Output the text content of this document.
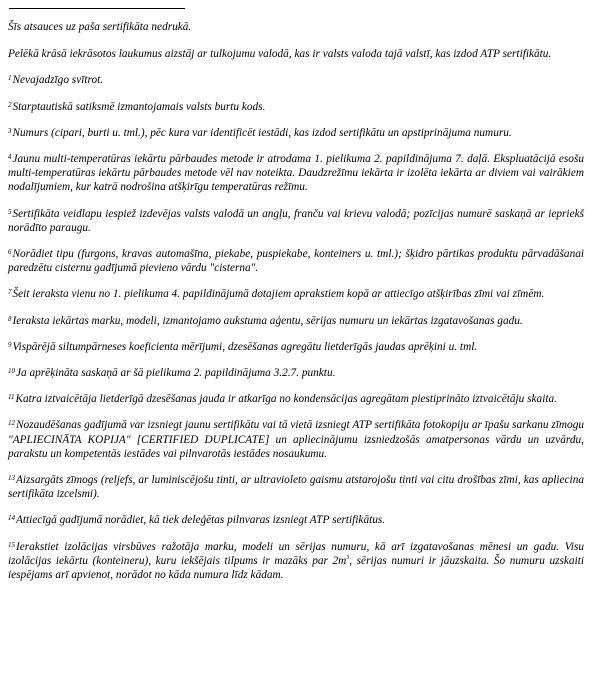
Šīs atsauces uz paša sertifikāta nedrukā.

Pelēkā krāsā iekrāsotos laukumus aizstāj ar tulkojumu valodā, kas ir valsts valoda tajā valstī, kas izdod ATP sertifikātu.

$^1$Nevajadzīgo svītrot.

$^2$Starptautiskā satiksmē izmantojamais valsts burtu kods.

$^3$Numurs (cipari, burti u. tml.), pēc kura var identificēt iestādi, kas izdod sertifikātu un apstiprinājuma numuru.

$^4$Jaunu multi-temperatūras iekārtu pārbaudes metode ir atrodama 1. pielikuma 2. papildinājuma 7. daļā. Ekspluatācijā esošu multi-temperatūras iekārtu pārbaudes metode vēl nav noteikta. Daudzrežīmu iekārta ir izolēta iekārta ar diviem vai vairākiem nodalījumiem, kur katrā nodrošina atšķirīgu temperatūras režīmu.

$^5$Sertifikāta veidlapu iespiež izdevējas valsts valodā un angļu, franču vai krievu valodā; pozīcijas numurē saskaņā ar iepriekš norādīto paraugu.

$^6$Norādiet tipu (furgons, kravas automašīna, piekabe, puspiekabe, konteiners u. tml.); šķidro pārtikas produktu pārvadāšanai paredzētu cisternu gadījumā pievieno vārdu "cisterna".

$^7$Šeit ieraksta vienu no 1. pielikuma 4. papildinājumā dotajiem aprakstiem kopā ar attiecīgo atšķirības zīmi vai zīmēm.

$^8$Ieraksta iekārtas marku, modeli, izmantojamo aukstuma aģentu, sērijas numuru un iekārtas izgatavošanas gadu.

$^9$Vispārējā siltumpārneses koeficienta mērījumi, dzesēšanas agregātu lietderīgās jaudas aprēķini u. tml.

$^{10}$Ja aprēķināta saskaņā ar šā pielikuma 2. papildinājuma 3.2.7. punktu.

$^{11}$Katra iztvaicētāja lietderīgā dzesēšanas jauda ir atkarīga no kondensācijas agregātam piestiprināto iztvaicētāju skaita.

$^{12}$Nozaudēšanas gadījumā var izsniegt jaunu sertifikātu vai tā vietā izsniegt ATP sertifikāta fotokopiju ar īpašu sarkanu zīmogu "APLIECINĀTA KOPIJA" [CERTIFIED DUPLICATE] un apliecinājumu izsniedzošās amatpersonas vārdu un uzvārdu, parakstu un kompetentās iestādes vai pilnvarotās iestādes nosaukumu.

$^{13}$Aizsargāts zīmogs (reljefs, ar luminiscējošu tinti, ar ultravioleto gaismu atstarojošu tinti vai citu drošības zīmi, kas apliecina sertifikāta izcelsmi).

$^{14}$Attiecīgā gadījumā norādiet, kā tiek deleģētas pilnvaras izsniegt ATP sertifikātus.

$^{15}$Ierakstiet izolācijas virsbūves ražotāja marku, modeli un sērijas numuru, kā arī izgatavošanas mēnesi un gadu. Visu izolācijas iekārtu (konteineru), kuru iekšējais tilpums ir mazāks par $2m^3$, sērijas numuri ir jāuzskaita. Šo numuru uzskaiti iespējams arī apvienot, norādot no kāda numura līdz kādam.
